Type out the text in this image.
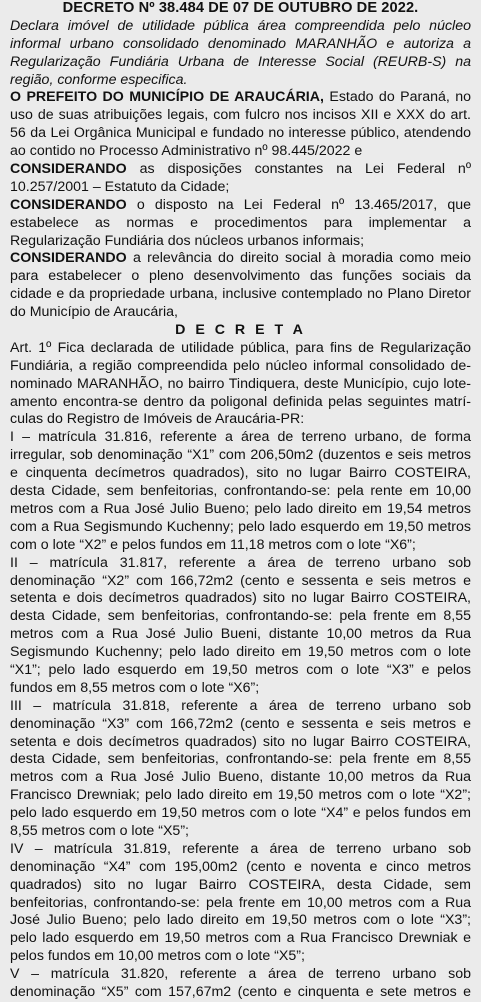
DECRETO Nº 38.484 DE 07 DE OUTUBRO DE 2022.
Declara imóvel de utilidade pública área compreendida pelo núcleo
informal urbano consolidado denominado MARANHÃO e autoriza a
Regularização Fundiária Urbana de Interesse Social (REURB-S) na
região, conforme especifica.
O PREFEITO DO MUNICÍPIO DE ARAUCÁRIA, Estado do Paraná, no
uso de suas atribuições legais, com fulcro nos incisos XII e XXX do art.
56 da Lei Orgânica Municipal e fundado no interesse público, atendendo
ao contido no Processo Administrativo nº 98.445/2022 e
CONSIDERANDO as disposições constantes na Lei Federal nº
10.257/2001 – Estatuto da Cidade;
CONSIDERANDO o disposto na Lei Federal nº 13.465/2017, que
estabelece as normas e procedimentos para implementar a
Regularização Fundiária dos núcleos urbanos informais;
CONSIDERANDO a relevância do direito social à moradia como meio
para estabelecer o pleno desenvolvimento das funções sociais da
cidade e da propriedade urbana, inclusive contemplado no Plano Diretor
do Município de Araucária,
D E C R E T A
Art. 1º Fica declarada de utilidade pública, para fins de Regularização
Fundiária, a região compreendida pelo núcleo informal consolidado de-
nominado MARANHÃO, no bairro Tindiquera, deste Município, cujo lote-
amento encontra-se dentro da poligonal definida pelas seguintes matrí-
culas do Registro de Imóveis de Araucária-PR:
I – matrícula 31.816, referente a área de terreno urbano, de forma
irregular, sob denominação “X1” com 206,50m2 (duzentos e seis metros
e cinquenta decímetros quadrados), sito no lugar Bairro COSTEIRA,
desta Cidade, sem benfeitorias, confrontando-se: pela rente em 10,00
metros com a Rua José Julio Bueno; pelo lado direito em 19,54 metros
com a Rua Segismundo Kuchenny; pelo lado esquerdo em 19,50 metros
com o lote “X2” e pelos fundos em 11,18 metros com o lote “X6”;
II – matrícula 31.817, referente a área de terreno urbano sob
denominação “X2” com 166,72m2 (cento e sessenta e seis metros e
setenta e dois decímetros quadrados) sito no lugar Bairro COSTEIRA,
desta Cidade, sem benfeitorias, confrontando-se: pela frente em 8,55
metros com a Rua José Julio Bueni, distante 10,00 metros da Rua
Segismundo Kuchenny; pelo lado direito em 19,50 metros com o lote
“X1”; pelo lado esquerdo em 19,50 metros com o lote “X3” e pelos
fundos em 8,55 metros com o lote “X6”;
III – matrícula 31.818, referente a área de terreno urbano sob
denominação “X3” com 166,72m2 (cento e sessenta e seis metros e
setenta e dois decímetros quadrados) sito no lugar Bairro COSTEIRA,
desta Cidade, sem benfeitorias, confrontando-se: pela frente em 8,55
metros com a Rua José Julio Bueno, distante 10,00 metros da Rua
Francisco Drewniak; pelo lado direito em 19,50 metros com o lote “X2”;
pelo lado esquerdo em 19,50 metros com o lote “X4” e pelos fundos em
8,55 metros com o lote “X5”;
IV – matrícula 31.819, referente a área de terreno urbano sob
denominação “X4” com 195,00m2 (cento e noventa e cinco metros
quadrados) sito no lugar Bairro COSTEIRA, desta Cidade, sem
benfeitorias, confrontando-se: pela frente em 10,00 metros com a Rua
José Julio Bueno; pelo lado direito em 19,50 metros com o lote “X3”;
pelo lado esquerdo em 19,50 metros com a Rua Francisco Drewniak e
pelos fundos em 10,00 metros com o lote “X5”;
V – matrícula 31.820, referente a área de terreno urbano sob
denominação “X5” com 157,67m2 (cento e cinquenta e sete metros e
